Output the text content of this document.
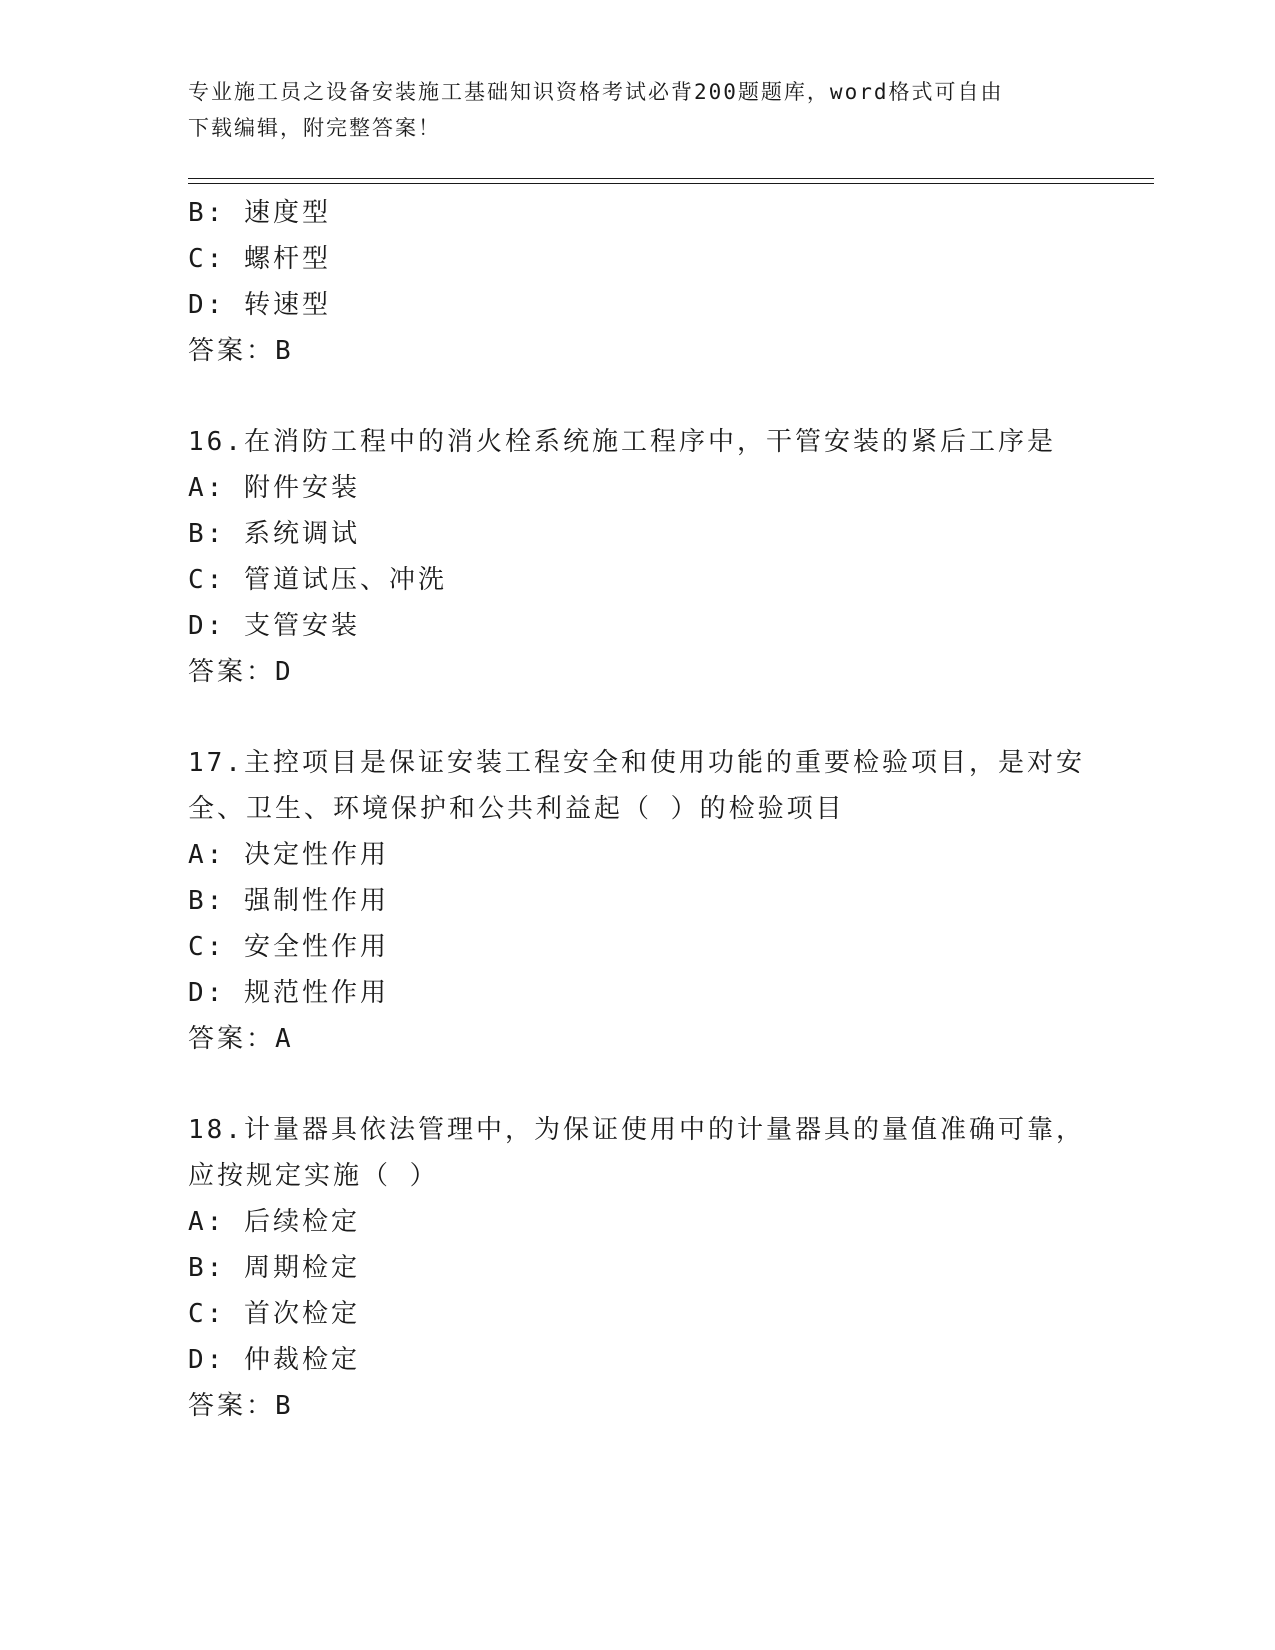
专业施工员之设备安装施工基础知识资格考试必背200题题库，word格式可自由
下载编辑，附完整答案！
B: 速度型
C: 螺杆型
D: 转速型
答案：B
16.在消防工程中的消火栓系统施工程序中，干管安装的紧后工序是
A: 附件安装
B: 系统调试
C: 管道试压、冲洗
D: 支管安装
答案：D
17.主控项目是保证安装工程安全和使用功能的重要检验项目，是对安
全、卫生、环境保护和公共利益起（ ）的检验项目
A: 决定性作用
B: 强制性作用
C: 安全性作用
D: 规范性作用
答案：A
18.计量器具依法管理中，为保证使用中的计量器具的量值准确可靠，
应按规定实施（ ）
A: 后续检定
B: 周期检定
C: 首次检定
D: 仲裁检定
答案：B
